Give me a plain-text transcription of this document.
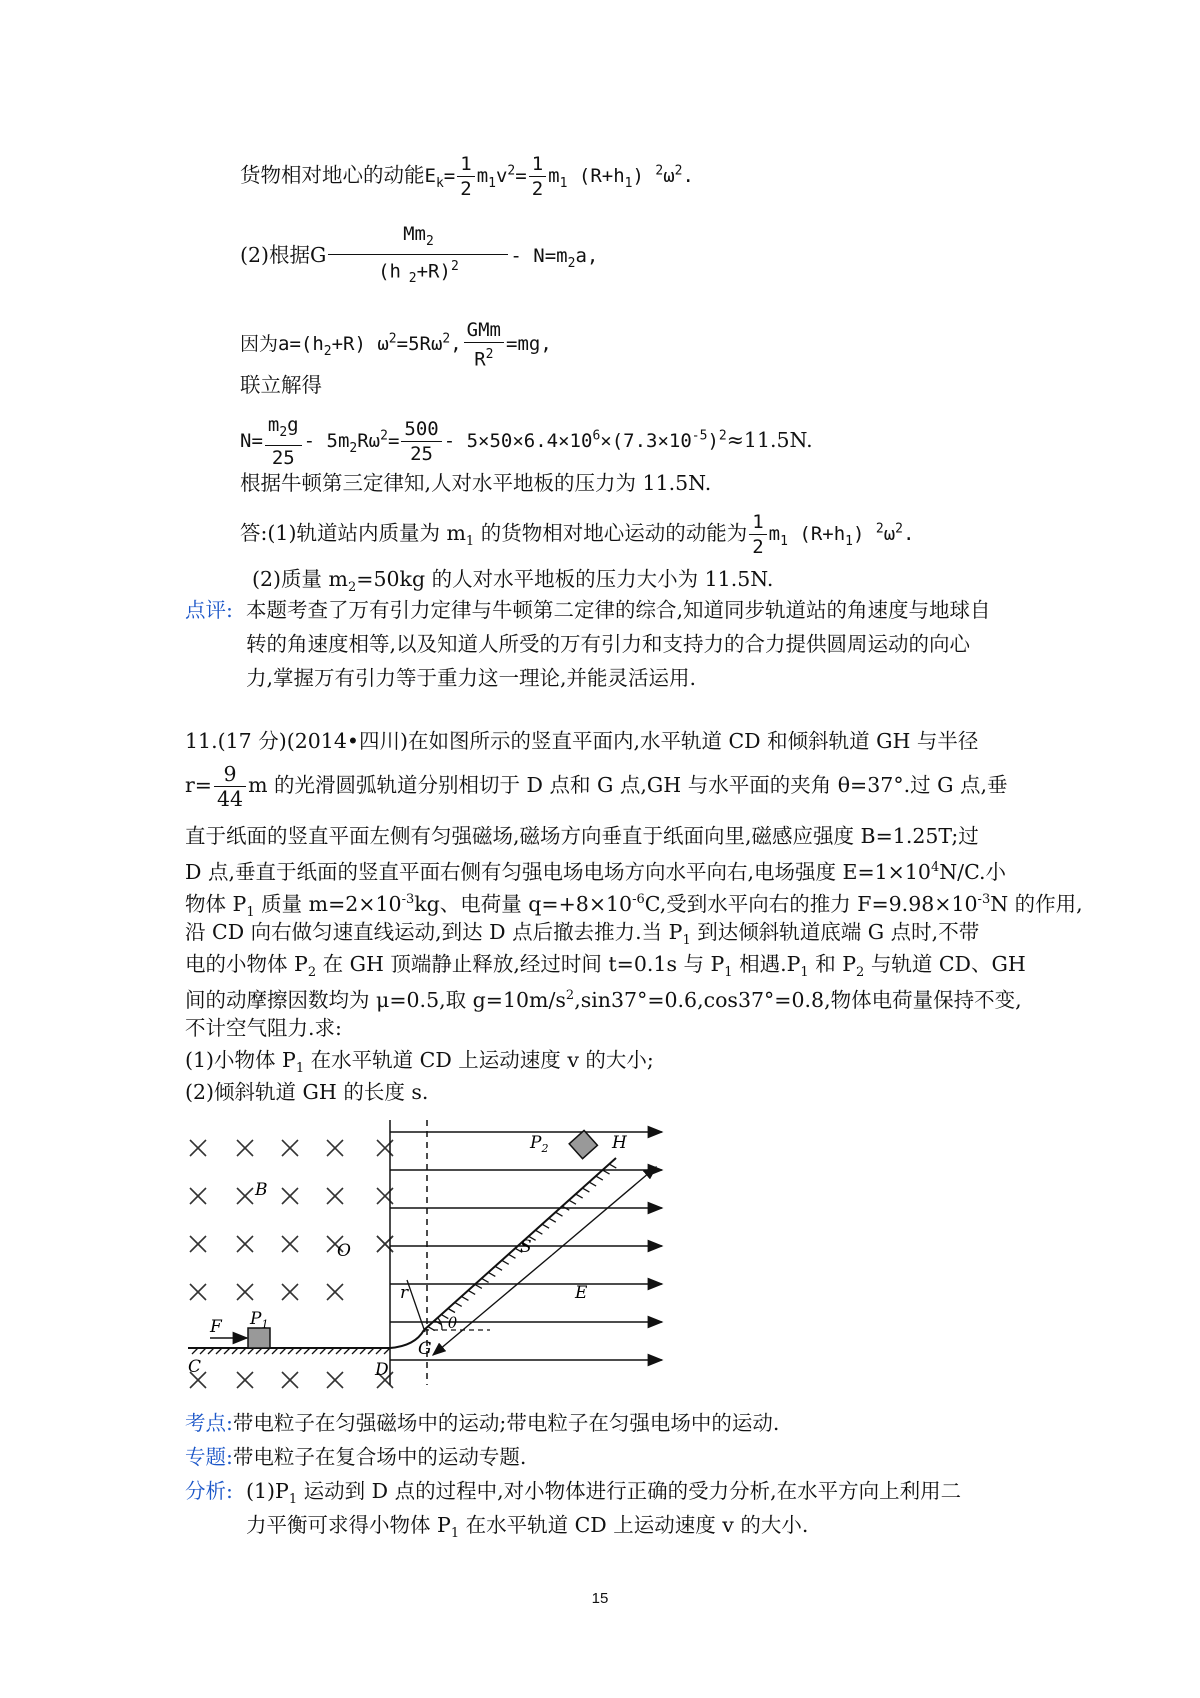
货物相对地心的动能$E_k= \frac{1}{2} m_1v^2= \frac{1}{2} m_1$ $(R+h_1)$ $^2\omega^2$.
(2)根据G $\frac{Mm_2}{(h _2+R)^2} - N=m_2a$,
因为$a=(h_2+R)$ $\omega^2=5R\omega^2$, $\frac{\text{GMm}}{R^2} =mg$,
联立解得
$N= \frac{m_2g}{25} - 5m_2R\omega^2= \frac{500}{25} - 5\times 50\times 6.4\times 10^6\times(7.3\times 10^{-5})^2\approx 11.5N$.
根据牛顿第三定律知,人对水平地板的压力为 11.5N.
答:(1)轨道站内质量为 $m_1$ 的货物相对地心运动的动能为 $\frac{1}{2} m_1$ $(R+h_1)$ $^2\omega^2$.
(2)质量 $m_2=50kg$ 的人对水平地板的压力大小为 11.5N.
点评: 本题考查了万有引力定律与牛顿第二定律的综合,知道同步轨道站的角速度与地球自
转的角速度相等,以及知道人所受的万有引力和支持力的合力提供圆周运动的向心
力,掌握万有引力等于重力这一理论,并能灵活运用.
11.(17 分)(2014•四川)在如图所示的竖直平面内,水平轨道 CD 和倾斜轨道 GH 与半径
$r= \frac{9}{44}$ m 的光滑圆弧轨道分别相切于 D 点和 G 点,GH 与水平面的夹角 θ=37°.过 G 点,垂
直于纸面的竖直平面左侧有匀强磁场,磁场方向垂直于纸面向里,磁感应强度 B=1.25T;过
D 点,垂直于纸面的竖直平面右侧有匀强电场电场方向水平向右,电场强度 $E=1\times 10^4N/C$.小
物体 $P_1$ 质量 $m=2\times 10^{-3}kg$、电荷量 $q=+8\times 10^{-6}C$,受到水平向右的推力 $F=9.98\times 10^{-3}N$ 的作用,
沿 CD 向右做匀速直线运动,到达 D 点后撤去推力.当 $P_1$ 到达倾斜轨道底端 G 点时,不带
电的小物体 $P_2$ 在 GH 顶端静止释放,经过时间 t=0.1s 与 $P_1$ 相遇$.P_1$ 和 $P_2$ 与轨道 CD、GH
间的动摩擦因数均为 μ=0.5,取 $g=10m/s^2,\sin 37^\circ=0.6,\cos 37^\circ=0.8$,物体电荷量保持不变,
不计空气阻力.求:
(1)小物体 $P_1$ 在水平轨道 CD 上运动速度 v 的大小;
(2)倾斜轨道 GH 的长度 s.
B
O
r
S
E
F $P_1$
$P_2$	H
G
θ
C	D
考点:带电粒子在匀强磁场中的运动;带电粒子在匀强电场中的运动.
专题:带电粒子在复合场中的运动专题.
分析: $(1)P_1$ 运动到 D 点的过程中,对小物体进行正确的受力分析,在水平方向上利用二
力平衡可求得小物体 $P_1$ 在水平轨道 CD 上运动速度 v 的大小.
15
